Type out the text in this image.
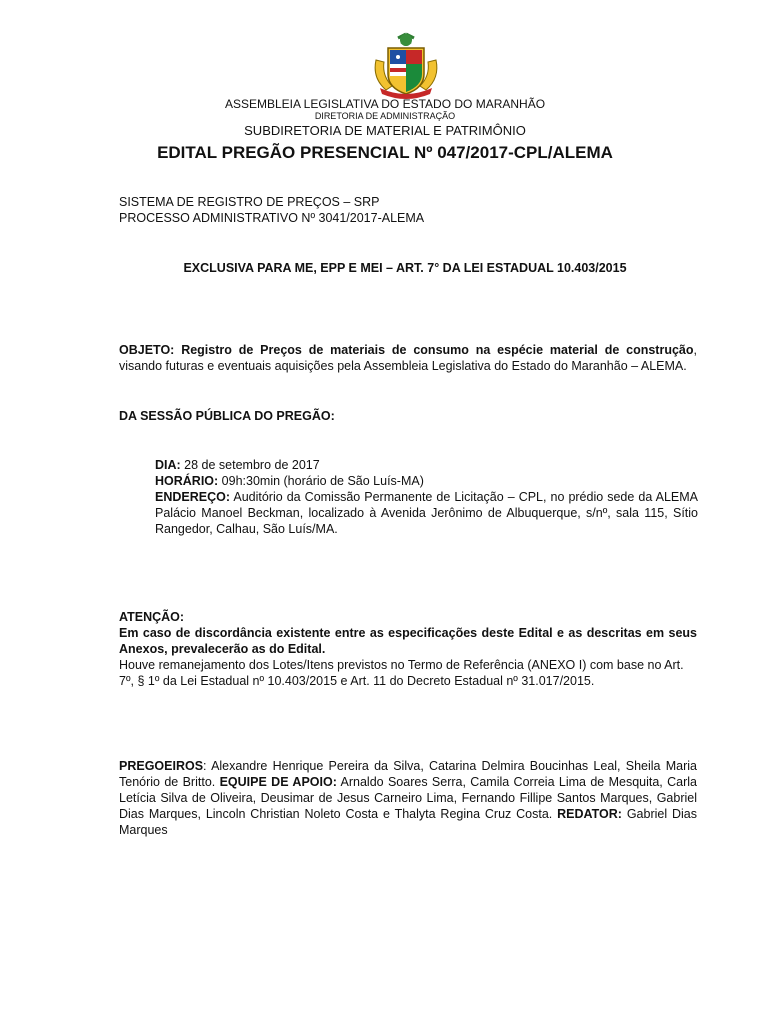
ASSEMBLEIA LEGISLATIVA DO ESTADO DO MARANHÃO
DIRETORIA DE ADMINISTRAÇÃO
SUBDIRETORIA DE MATERIAL E PATRIMÔNIO
EDITAL PREGÃO PRESENCIAL Nº 047/2017-CPL/ALEMA

SISTEMA DE REGISTRO DE PREÇOS – SRP

PROCESSO ADMINISTRATIVO Nº 3041/2017-ALEMA

EXCLUSIVA PARA ME, EPP E MEI – ART. 7° DA LEI ESTADUAL 10.403/2015
OBJETO: Registro de Preços de materiais de consumo na espécie material de construção, visando futuras e eventuais aquisições pela Assembleia Legislativa do Estado do Maranhão – ALEMA.
DA SESSÃO PÚBLICA DO PREGÃO:

DIA: 28 de setembro de 2017

HORÁRIO: 09h:30min (horário de São Luís-MA)

ENDEREÇO: Auditório da Comissão Permanente de Licitação – CPL, no prédio sede da ALEMA Palácio Manoel Beckman, localizado à Avenida Jerônimo de Albuquerque, s/nº, sala 115, Sítio Rangedor, Calhau, São Luís/MA.

ATENÇÃO:

Em caso de discordância existente entre as especificações deste Edital e as descritas em seus Anexos, prevalecerão as do Edital.

Houve remanejamento dos Lotes/Itens previstos no Termo de Referência (ANEXO I) com base no Art. 7º, § 1º da Lei Estadual nº 10.403/2015 e Art. 11 do Decreto Estadual nº 31.017/2015.

PREGOEIROS: Alexandre Henrique Pereira da Silva, Catarina Delmira Boucinhas Leal, Sheila Maria Tenório de Britto. EQUIPE DE APOIO: Arnaldo Soares Serra, Camila Correia Lima de Mesquita, Carla Letícia Silva de Oliveira, Deusimar de Jesus Carneiro Lima, Fernando Fillipe Santos Marques, Gabriel Dias Marques, Lincoln Christian Noleto Costa e Thalyta Regina Cruz Costa. REDATOR: Gabriel Dias Marques
